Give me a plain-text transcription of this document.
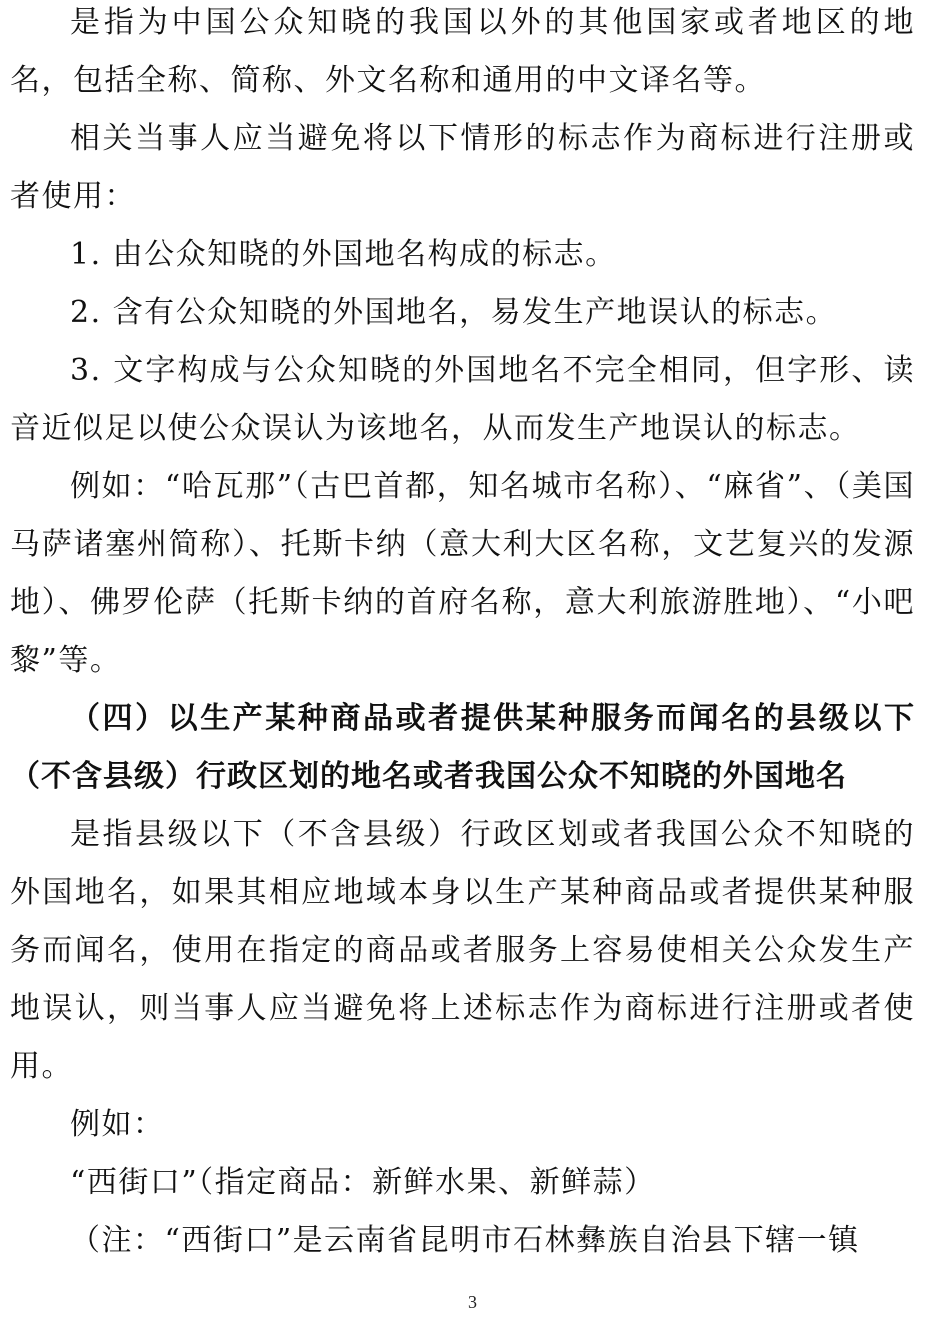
是指为中国公众知晓的我国以外的其他国家或者地区的地名，包括全称、简称、外文名称和通用的中文译名等。

相关当事人应当避免将以下情形的标志作为商标进行注册或者使用：

1. 由公众知晓的外国地名构成的标志。

2. 含有公众知晓的外国地名，易发生产地误认的标志。

3. 文字构成与公众知晓的外国地名不完全相同，但字形、读音近似足以使公众误认为该地名，从而发生产地误认的标志。

例如：“哈瓦那”（古巴首都，知名城市名称）、“麻省”、（美国马萨诸塞州简称）、托斯卡纳（意大利大区名称，文艺复兴的发源地）、佛罗伦萨（托斯卡纳的首府名称，意大利旅游胜地）、“小吧黎”等。

（四）以生产某种商品或者提供某种服务而闻名的县级以下（不含县级）行政区划的地名或者我国公众不知晓的外国地名

是指县级以下（不含县级）行政区划或者我国公众不知晓的外国地名，如果其相应地域本身以生产某种商品或者提供某种服务而闻名，使用在指定的商品或者服务上容易使相关公众发生产地误认，则当事人应当避免将上述标志作为商标进行注册或者使用。

例如：

“西街口”（指定商品：新鲜水果、新鲜蒜）

（注：“西街口”是云南省昆明市石林彝族自治县下辖一镇

3
